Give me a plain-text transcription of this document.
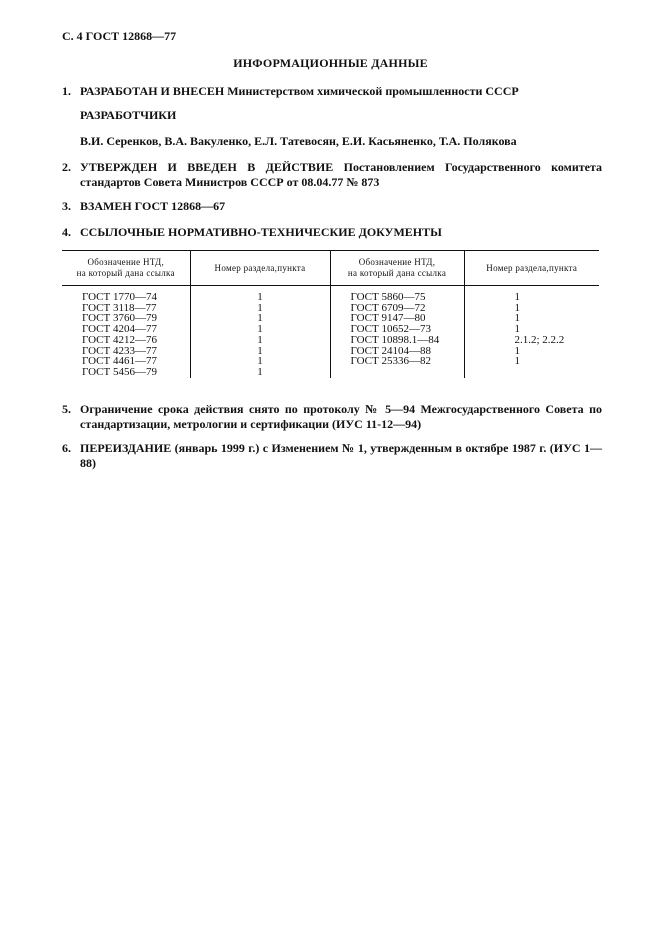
С. 4 ГОСТ 12868—77
ИНФОРМАЦИОННЫЕ ДАННЫЕ
1. РАЗРАБОТАН И ВНЕСЕН Министерством химической промышленности СССР
РАЗРАБОТЧИКИ
В.И. Серенков, В.А. Вакуленко, Е.Л. Татевосян, Е.И. Касьяненко, Т.А. Полякова
2. УТВЕРЖДЕН И ВВЕДЕН В ДЕЙСТВИЕ Постановлением Государственного комитета стандартов Совета Министров СССР от 08.04.77 № 873
3. ВЗАМЕН ГОСТ 12868—67
4. ССЫЛОЧНЫЕ НОРМАТИВНО-ТЕХНИЧЕСКИЕ ДОКУМЕНТЫ
Обозначение НТД,
на который дана ссылка	Номер раздела,пункта	Обозначение НТД,
на который дана ссылка	Номер раздела,пункта
ГОСТ 1770—74	1	ГОСТ 5860—75	1
ГОСТ 3118—77	1	ГОСТ 6709—72	1
ГОСТ 3760—79	1	ГОСТ 9147—80	1
ГОСТ 4204—77	1	ГОСТ 10652—73	1
ГОСТ 4212—76	1	ГОСТ 10898.1—84	2.1.2; 2.2.2
ГОСТ 4233—77	1	ГОСТ 24104—88	1
ГОСТ 4461—77	1	ГОСТ 25336—82	1
ГОСТ 5456—79	1		
5. Ограничение срока действия снято по протоколу № 5—94 Межгосударственного Совета по стандартизации, метрологии и сертификации (ИУС 11-12—94)
6. ПЕРЕИЗДАНИЕ (январь 1999 г.) с Изменением № 1, утвержденным в октябре 1987 г. (ИУС 1—88)
